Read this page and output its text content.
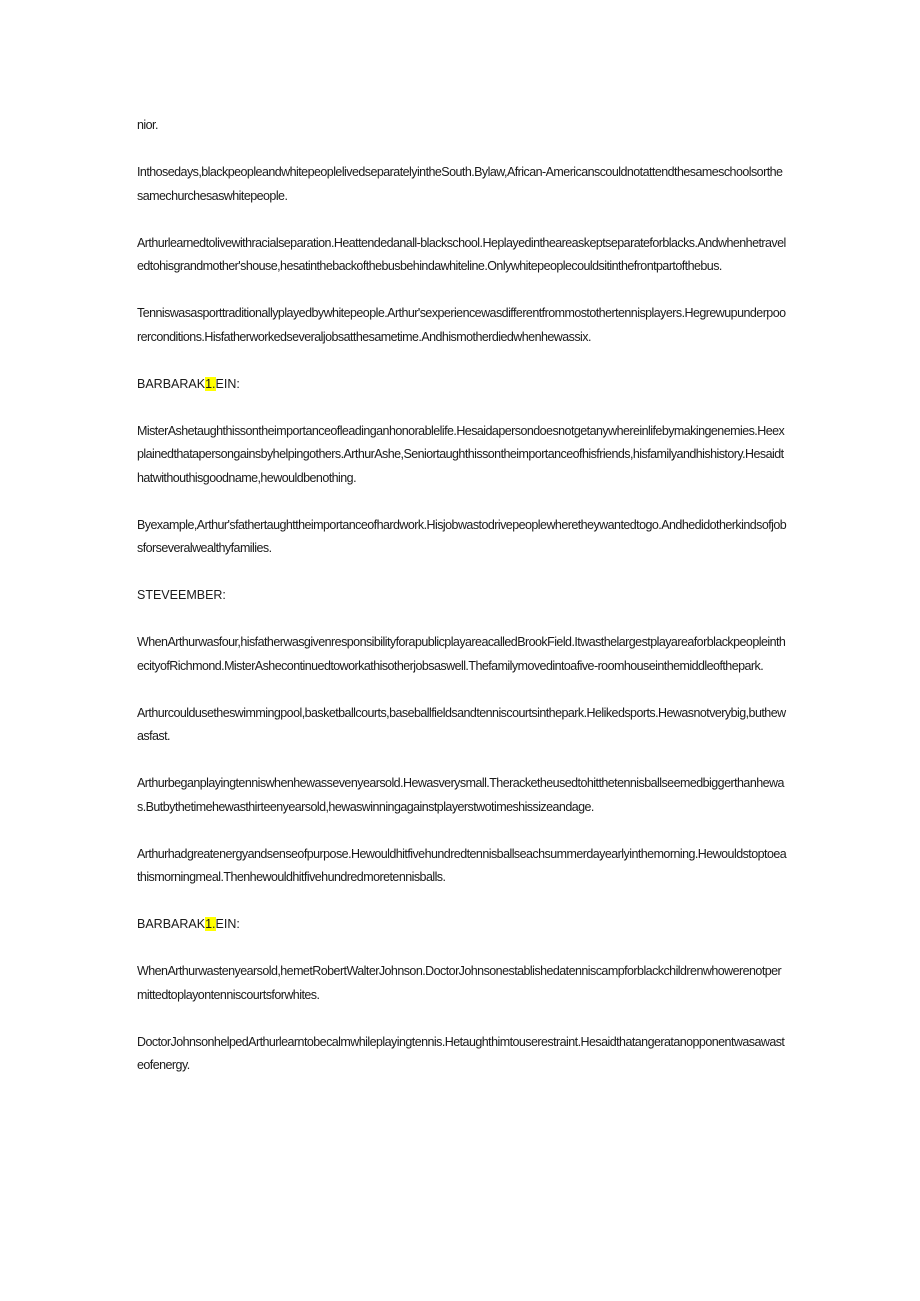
nior.

Inthosedays,blackpeopleandwhitepeoplelivedseparatelyintheSouth.Bylaw,African-Americanscouldnotattendthesameschoolsorthesamechurchesaswhitepeople.

Arthurlearnedtolivewithracialseparation.Heattendedanall-blackschool.Heplayedintheareaskeptseparateforblacks.Andwhenhetraveledtohisgrandmother'shouse,hesatinthebackofthebusbehindawhiteline.Onlywhitepeoplecouldsitinthefrontpartofthebus.

Tenniswasasporttraditionallyplayedbywhitepeople.Arthur'sexperiencewasdifferentfrommostothertennisplayers.Hegrewupunderpoorerconditions.Hisfatherworkedseveraljobsatthesametime.Andhismotherdiedwhenhewassix.

BARBARAK1.EIN:

MisterAshetaughthissontheimportanceofleadinganhonorablelife.Hesaidapersondoesnotgetanywhereinlifebymakingenemies.Heexplainedthatapersongainsbyhelpingothers.ArthurAshe,Seniortaughthissontheimportanceofhisfriends,hisfamilyandhishistory.Hesaidthatwithouthisgoodname,hewouldbenothing.

Byexample,Arthur'sfathertaughttheimportanceofhardwork.Hisjobwastodrivepeoplewheretheywantedtogo.Andhedidotherkindsofjobsforseveralwealthyfamilies.

STEVEEMBER:

WhenArthurwasfour,hisfatherwasgivenresponsibilityforapublicplayareacalledBrookField.ItwasthelargestplayareaforblackpeopleinthecityofRichmond.MisterAshecontinuedtoworkathisotherjobsaswell.Thefamilymovedintoafive-roomhouseinthemiddleofthepark.

Arthurcouldusetheswimmingpool,basketballcourts,baseballfieldsandtenniscourtsinthepark.Helikedsports.Hewasnotverybig,buthewasfast.

Arthurbeganplayingtenniswhenhewassevenyearsold.Hewasverysmall.Theracketheusedtohitthetennisballseemedbiggerthanhewas.Butbythetimehewasthirteenyearsold,hewaswinningagainstplayerstwotimeshissizeandage.

Arthurhadgreatenergyandsenseofpurpose.Hewouldhitfivehundredtennisballseachsummerdayearlyinthemorning.Hewouldstoptoeathismorningmeal.Thenhewouldhitfivehundredmoretennisballs.

BARBARAK1.EIN:

WhenArthurwastenyearsold,hemetRobertWalterJohnson.DoctorJohnsonestablishedatenniscampforblackchildrenwhowerenotpermittedtoplayontenniscourtsforwhites.

DoctorJohnsonhelpedArthurlearntobecalmwhileplayingtennis.Hetaughthimtouserestraint.Hesaidthatangeratanopponentwasawasteofenergy.
